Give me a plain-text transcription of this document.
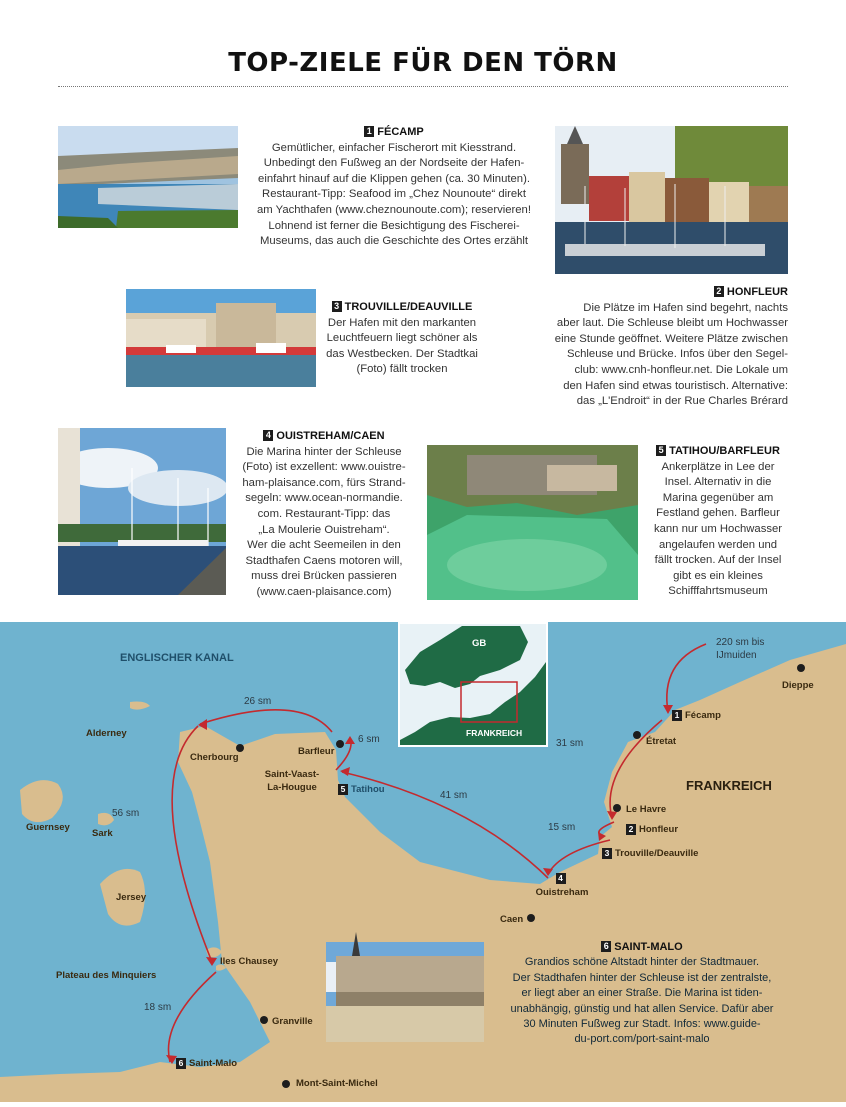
TOP-ZIELE FÜR DEN TÖRN
1 FÉCAMP
Gemütlicher, einfacher Fischerort mit Kiesstrand.
Unbedingt den Fußweg an der Nordseite der Hafen-
einfahrt hinauf auf die Klippen gehen (ca. 30 Minuten).
Restaurant-Tipp: Seafood im „Chez Nounoute“ direkt
am Yachthafen (www.cheznounoute.com); reservieren!
Lohnend ist ferner die Besichtigung des Fischerei-
Museums, das auch die Geschichte des Ortes erzählt
2 HONFLEUR
Die Plätze im Hafen sind begehrt, nachts
aber laut. Die Schleuse bleibt um Hochwasser
eine Stunde geöffnet. Weitere Plätze zwischen
Schleuse und Brücke. Infos über den Segel-
club: www.cnh-honfleur.net. Die Lokale um
den Hafen sind etwas touristisch. Alternative:
das „L'Endroit“ in der Rue Charles Brérard
3 TROUVILLE/DEAUVILLE
Der Hafen mit den markanten
Leuchtfeuern liegt schöner als
das Westbecken. Der Stadtkai
(Foto) fällt trocken
4 OUISTREHAM/CAEN
Die Marina hinter der Schleuse
(Foto) ist exzellent: www.ouistre-
ham-plaisance.com, fürs Strand-
segeln: www.ocean-normandie.
com. Restaurant-Tipp: das
„La Moulerie Ouistreham“.
Wer die acht Seemeilen in den
Stadthafen Caens motoren will,
muss drei Brücken passieren
(www.caen-plaisance.com)
5 TATIHOU/BARFLEUR
Ankerplätze in Lee der
Insel. Alternativ in die
Marina gegenüber am
Festland gehen. Barfleur
kann nur um Hochwasser
angelaufen werden und
fällt trocken. Auf der Insel
gibt es ein kleines
Schifffahrtsmuseum
ENGLISCHER KANAL
FRANKREICH
GB
FRANKREICH
220 sm bis
IJmuiden
26 sm
6 sm	31 sm
41 sm
15 sm
56 sm
18 sm
Dieppe
1 Fécamp
Étretat
Le Havre
2 Honfleur
3 Trouville/Deauville
4
Ouistreham
Caen
Barfleur
Cherbourg
Saint-Vaast-
La-Hougue	5 Tatihou
Alderney
Guernsey
Sark
Jersey
Iles Chausey
Plateau des Minquiers
Granville
6 Saint-Malo
Mont-Saint-Michel
6 SAINT-MALO
Grandios schöne Altstadt hinter der Stadtmauer.
Der Stadthafen hinter der Schleuse ist der zentralste,
er liegt aber an einer Straße. Die Marina ist tiden-
unabhängig, günstig und hat allen Service. Dafür aber
30 Minuten Fußweg zur Stadt. Infos: www.guide-
du-port.com/port-saint-malo
